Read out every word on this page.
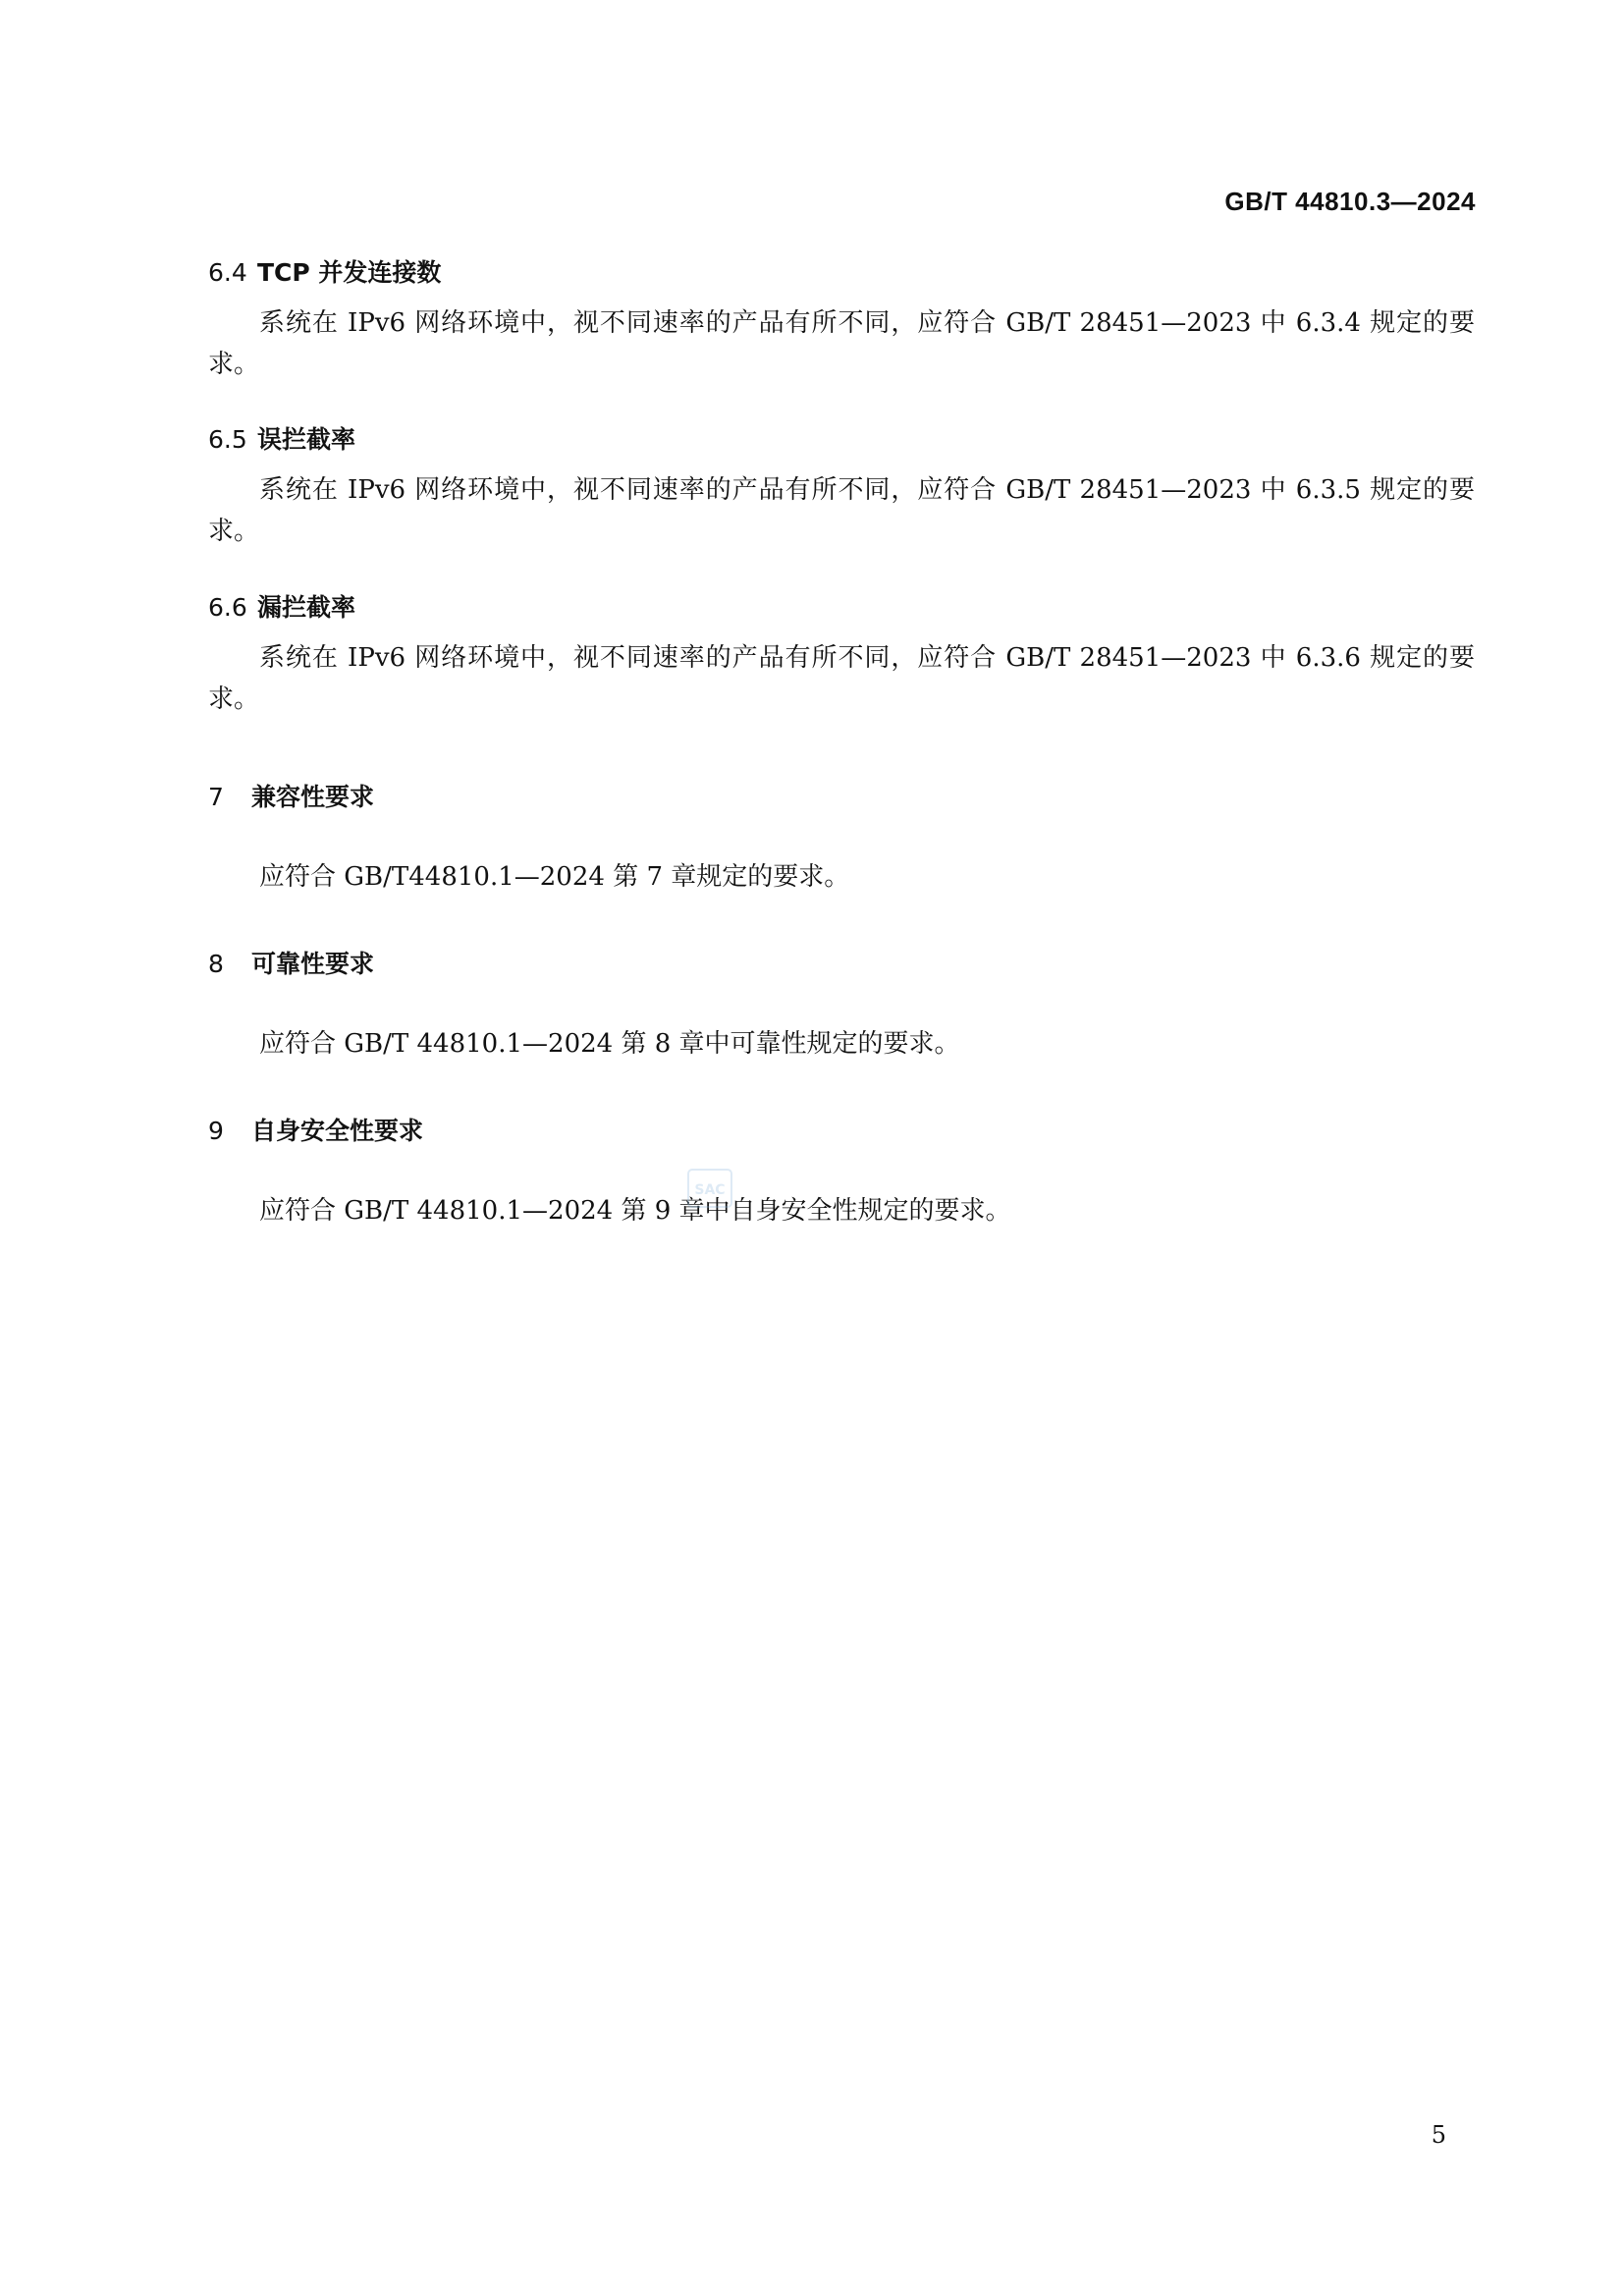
GB/T 44810.3—2024
6.4 TCP 并发连接数
系统在 IPv6 网络环境中，视不同速率的产品有所不同，应符合 GB/T 28451—2023 中 6.3.4 规定的要求。
6.5 误拦截率
系统在 IPv6 网络环境中，视不同速率的产品有所不同，应符合 GB/T 28451—2023 中 6.3.5 规定的要求。
6.6 漏拦截率
系统在 IPv6 网络环境中，视不同速率的产品有所不同，应符合 GB/T 28451—2023 中 6.3.6 规定的要求。
7 兼容性要求
应符合 GB/T44810.1—2024 第 7 章规定的要求。
8 可靠性要求
应符合 GB/T 44810.1—2024 第 8 章中可靠性规定的要求。
9 自身安全性要求
应符合 GB/T 44810.1—2024 第 9 章中自身安全性规定的要求。
SAC
5
